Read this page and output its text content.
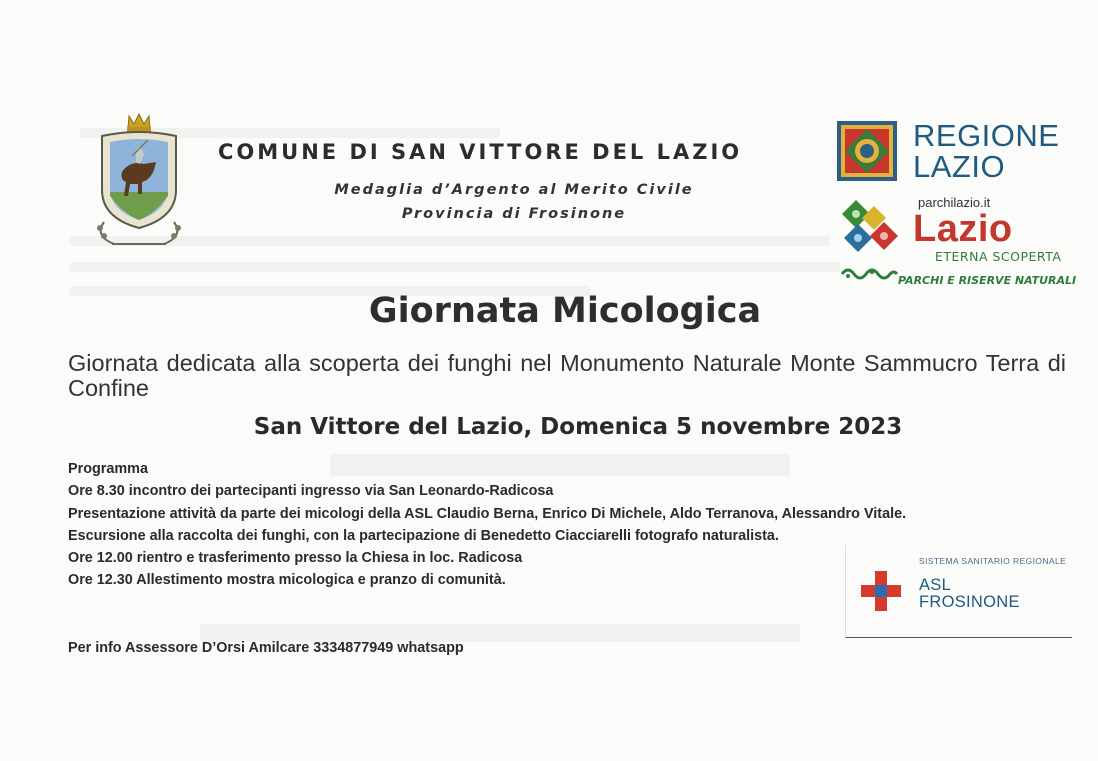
COMUNE DI SAN VITTORE DEL LAZIO
Medaglia d’Argento al Merito Civile
Provincia di Frosinone
REGIONE
LAZIO
parchilazio.it
Lazio
ETERNA SCOPERTA
PARCHI E RISERVE NATURALI
Giornata Micologica
Giornata dedicata alla scoperta dei funghi nel Monumento Naturale Monte Sammucro Terra di Confine
San Vittore del Lazio, Domenica 5 novembre 2023
Programma
Ore 8.30 incontro dei partecipanti ingresso via San Leonardo-Radicosa
Presentazione attività da parte dei micologi della ASL Claudio Berna, Enrico Di Michele, Aldo Terranova, Alessandro Vitale.
Escursione alla raccolta dei funghi, con la partecipazione di Benedetto Ciacciarelli fotografo naturalista.
Ore 12.00 rientro e trasferimento presso la Chiesa in loc. Radicosa
Ore 12.30 Allestimento mostra micologica e pranzo di comunità.
Per info Assessore D’Orsi Amilcare 3334877949 whatsapp
SISTEMA SANITARIO REGIONALE
ASL
FROSINONE
